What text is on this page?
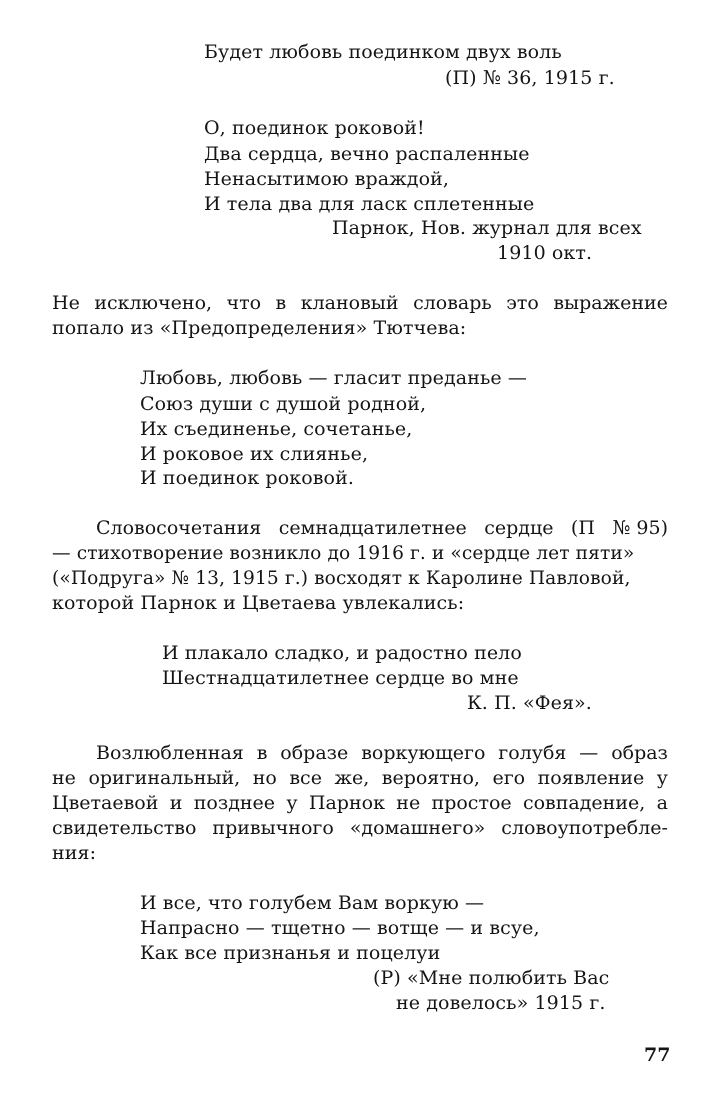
Будет любовь поединком двух воль
(П) № 36, 1915 г.
О, поединок роковой!
Два сердца, вечно распаленные
Ненасытимою враждой,
И тела два для ласк сплетенные
Парнок, Нов. журнал для всех
1910 окт.
Не исключено, что в клановый словарь это выражение
попало из «Предопределения» Тютчева:
Любовь, любовь — гласит преданье —
Союз души с душой родной,
Их съединенье, сочетанье,
И роковое их слиянье,
И поединок роковой.
Словосочетания семнадцатилетнее сердце (П № 95)
— стихотворение возникло до 1916 г. и «сердце лет пяти»
(«Подруга» № 13, 1915 г.) восходят к Каролине Павловой,
которой Парнок и Цветаева увлекались:
И плакало сладко, и радостно пело
Шестнадцатилетнее сердце во мне
К. П. «Фея».
Возлюбленная в образе воркующего голубя — образ
не оригинальный, но все же, вероятно, его появление у
Цветаевой и позднее у Парнок не простое совпадение, а
свидетельство привычного «домашнего» словоупотребле-
ния:
И все, что голубем Вам воркую —
Напрасно — тщетно — вотще — и всуе,
Как все признанья и поцелуи
(Р) «Мне полюбить Вас
не довелось» 1915 г.
77
